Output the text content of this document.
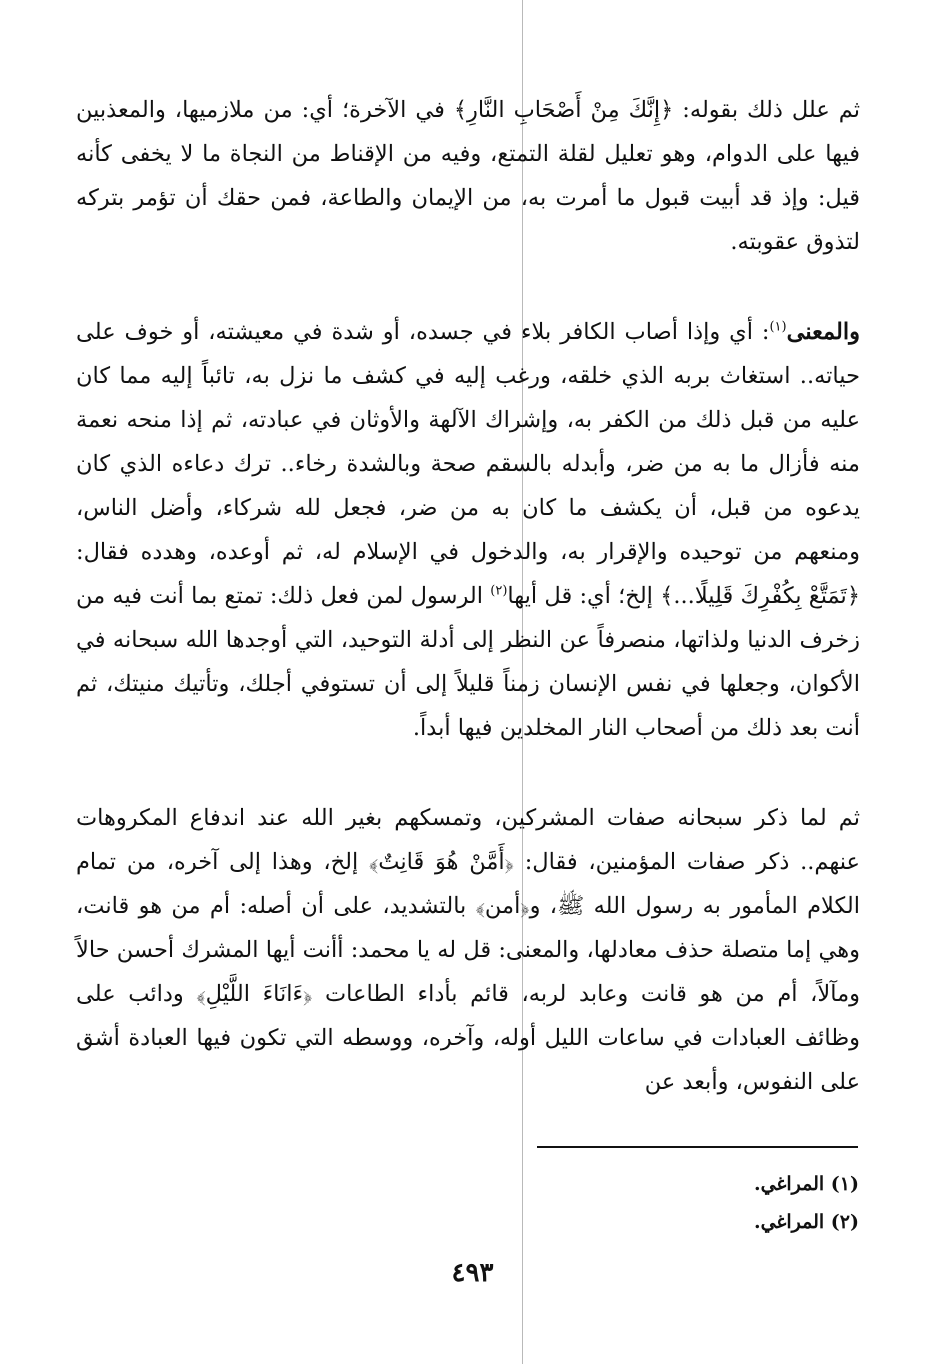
ثم علل ذلك بقوله: ﴿إِنَّكَ مِنْ أَصْحَابِ النَّارِ﴾ في الآخرة؛ أي: من ملازميها، والمعذبين فيها على الدوام، وهو تعليل لقلة التمتع، وفيه من الإقناط من النجاة ما لا يخفى كأنه قيل: وإذ قد أبيت قبول ما أمرت به، من الإيمان والطاعة، فمن حقك أن تؤمر بتركه لتذوق عقوبته.

والمعنى$^{(١)}$: أي وإذا أصاب الكافر بلاء في جسده، أو شدة في معيشته، أو خوف على حياته.. استغاث بربه الذي خلقه، ورغب إليه في كشف ما نزل به، تائباً إليه مما كان عليه من قبل ذلك من الكفر به، وإشراك الآلهة والأوثان في عبادته، ثم إذا منحه نعمة منه فأزال ما به من ضر، وأبدله بالسقم صحة وبالشدة رخاء.. ترك دعاءه الذي كان يدعوه من قبل، أن يكشف ما كان به من ضر، فجعل لله شركاء، وأضل الناس، ومنعهم من توحيده والإقرار به، والدخول في الإسلام له، ثم أوعده، وهدده فقال: ﴿تَمَتَّعْ بِكُفْرِكَ قَلِيلًا...﴾ إلخ؛ أي: قل أيها$^{(٢)}$ الرسول لمن فعل ذلك: تمتع بما أنت فيه من زخرف الدنيا ولذاتها، منصرفاً عن النظر إلى أدلة التوحيد، التي أوجدها الله سبحانه في الأكوان، وجعلها في نفس الإنسان زمناً قليلاً إلى أن تستوفي أجلك، وتأتيك منيتك، ثم أنت بعد ذلك من أصحاب النار المخلدين فيها أبداً.

ثم لما ذكر سبحانه صفات المشركين، وتمسكهم بغير الله عند اندفاع المكروهات عنهم.. ذكر صفات المؤمنين، فقال: ﴿أَمَّنْ هُوَ قَانِتٌ﴾ إلخ، وهذا إلى آخره، من تمام الكلام المأمور به رسول الله ﷺ، و﴿أمن﴾ بالتشديد، على أن أصله: أم من هو قانت، وهي إما متصلة حذف معادلها، والمعنى: قل له يا محمد: أأنت أيها المشرك أحسن حالاً ومآلاً، أم من هو قانت وعابد لربه، قائم بأداء الطاعات ﴿ءَانَاءَ اللَّيْلِ﴾ ودائب على وظائف العبادات في ساعات الليل أوله، وآخره، ووسطه التي تكون فيها العبادة أشق على النفوس، وأبعد عن

(١) المراغي.
(٢) المراغي.
٤٩٣
